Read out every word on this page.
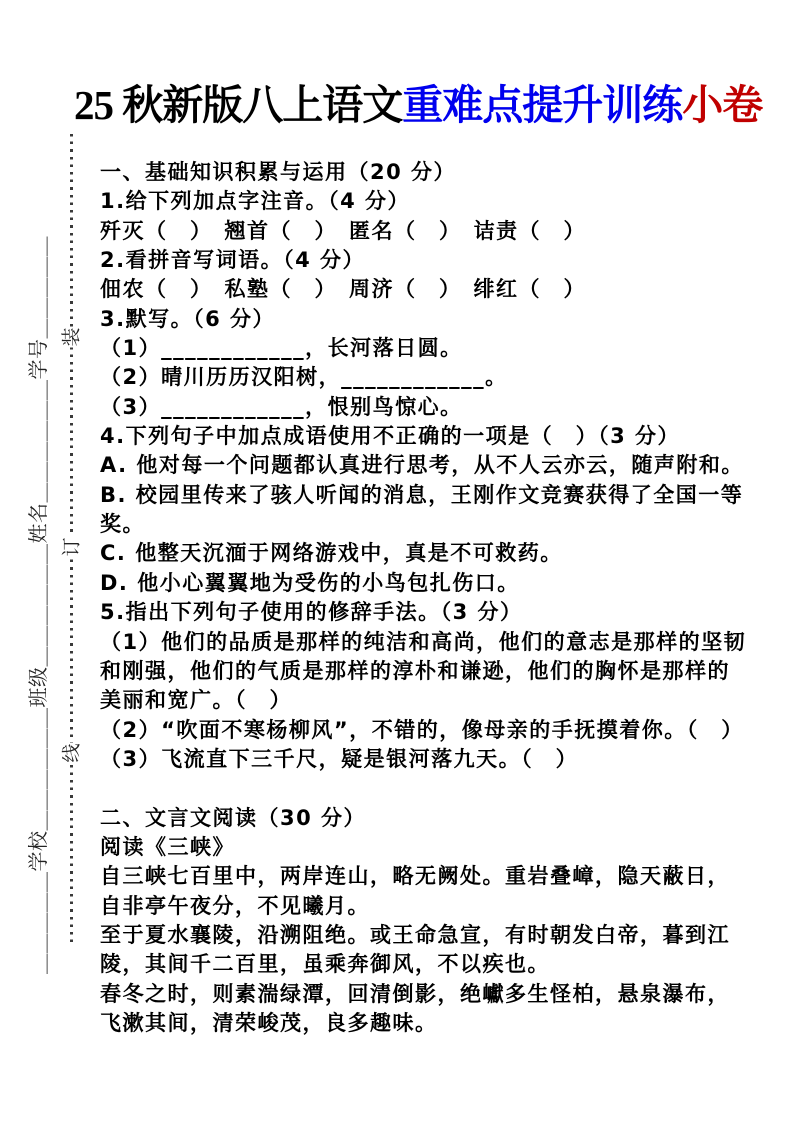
25 秋新版八上语文重难点提升训练小卷
＿＿＿＿＿学校＿＿＿＿＿＿班级＿＿＿＿＿＿姓名＿＿＿＿＿＿学号＿＿＿＿＿ 装
订
线
一、基础知识积累与运用（20 分）
1.给下列加点字注音。（4 分）
歼灭（　）　翘首（　）　匿名（　）　诘责（　）
2.看拼音写词语。（4 分）
佃农（　）　私塾（　）　周济（　）　绯红（　）
3.默写。（6 分）
（1）____________，长河落日圆。
（2）晴川历历汉阳树，____________。
（3）____________，恨别鸟惊心。
4.下列句子中加点成语使用不正确的一项是（　）（3 分）
A. 他对每一个问题都认真进行思考，从不人云亦云，随声附和。
B. 校园里传来了骇人听闻的消息，王刚作文竞赛获得了全国一等
奖。
C. 他整天沉湎于网络游戏中，真是不可救药。
D. 他小心翼翼地为受伤的小鸟包扎伤口。
5.指出下列句子使用的修辞手法。（3 分）
（1）他们的品质是那样的纯洁和高尚，他们的意志是那样的坚韧
和刚强，他们的气质是那样的淳朴和谦逊，他们的胸怀是那样的
美丽和宽广。（　）
（2）“吹面不寒杨柳风”，不错的，像母亲的手抚摸着你。（　）
（3）飞流直下三千尺，疑是银河落九天。（　）
二、文言文阅读（30 分）
阅读《三峡》
自三峡七百里中，两岸连山，略无阙处。重岩叠嶂，隐天蔽日，
自非亭午夜分，不见曦月。
至于夏水襄陵，沿溯阻绝。或王命急宣，有时朝发白帝，暮到江
陵，其间千二百里，虽乘奔御风，不以疾也。
春冬之时，则素湍绿潭，回清倒影，绝巘多生怪柏，悬泉瀑布，
飞漱其间，清荣峻茂，良多趣味。
